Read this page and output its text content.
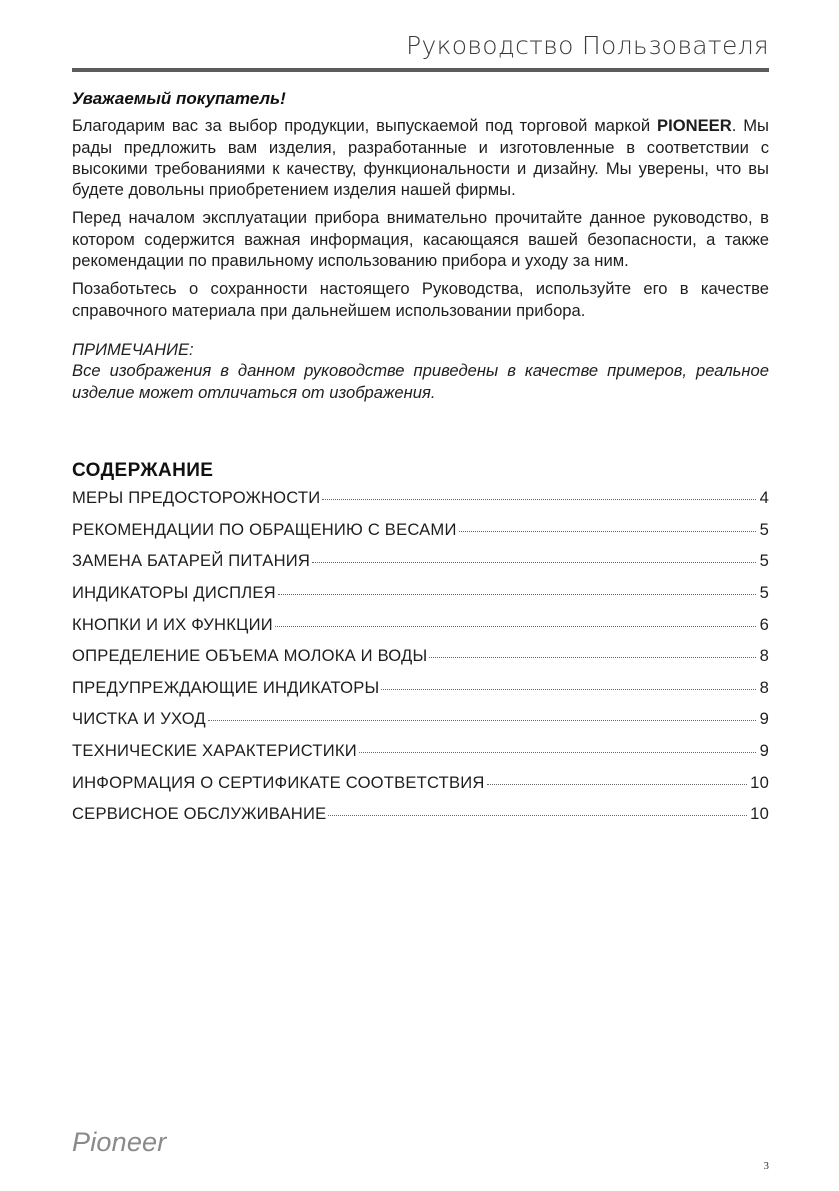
Руководство Пользователя
Уважаемый покупатель!

Благодарим вас за выбор продукции, выпускаемой под торговой маркой PIONEER. Мы рады предложить вам изделия, разработанные и изготовленные в соответствии с высокими требованиями к качеству, функциональности и дизайну. Мы уверены, что вы будете довольны приобретением изделия нашей фирмы.

Перед началом эксплуатации прибора внимательно прочитайте данное руководство, в котором содержится важная информация, касающаяся вашей безопасности, а также рекомендации по правильному использованию прибора и уходу за ним.

Позаботьтесь о сохранности настоящего Руководства, используйте его в качестве справочного материала при дальнейшем использовании прибора.

ПРИМЕЧАНИЕ:
Все изображения в данном руководстве приведены в качестве примеров, реальное изделие может отличаться от изображения.
СОДЕРЖАНИЕ
МЕРЫ ПРЕДОСТОРОЖНОСТИ	4
РЕКОМЕНДАЦИИ ПО ОБРАЩЕНИЮ С ВЕСАМИ	5
ЗАМЕНА БАТАРЕЙ ПИТАНИЯ	5
ИНДИКАТОРЫ ДИСПЛЕЯ	5
КНОПКИ И ИХ ФУНКЦИИ	6
ОПРЕДЕЛЕНИЕ ОБЪЕМА МОЛОКА И ВОДЫ	8
ПРЕДУПРЕЖДАЮЩИЕ ИНДИКАТОРЫ	8
ЧИСТКА И УХОД	9
ТЕХНИЧЕСКИЕ ХАРАКТЕРИСТИКИ	9
ИНФОРМАЦИЯ О СЕРТИФИКАТЕ СООТВЕТСТВИЯ	10
СЕРВИСНОЕ ОБСЛУЖИВАНИЕ	10
Pioneer
3
